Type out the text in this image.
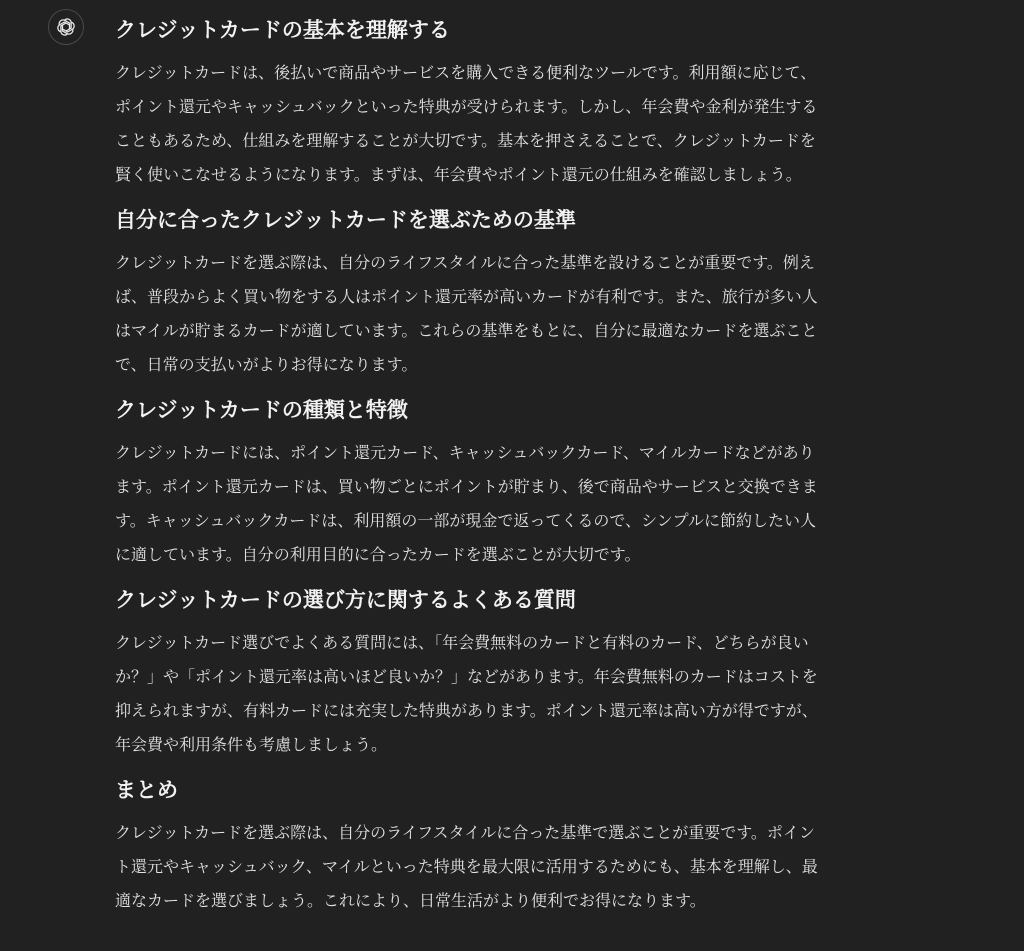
クレジットカードの基本を理解する

クレジットカードは、後払いで商品やサービスを購入できる便利なツールです。利用額に応じて、
ポイント還元やキャッシュバックといった特典が受けられます。しかし、年会費や金利が発生する
こともあるため、仕組みを理解することが大切です。基本を押さえることで、クレジットカードを
賢く使いこなせるようになります。まずは、年会費やポイント還元の仕組みを確認しましょう。

自分に合ったクレジットカードを選ぶための基準

クレジットカードを選ぶ際は、自分のライフスタイルに合った基準を設けることが重要です。例え
ば、普段からよく買い物をする人はポイント還元率が高いカードが有利です。また、旅行が多い人
はマイルが貯まるカードが適しています。これらの基準をもとに、自分に最適なカードを選ぶこと
で、日常の支払いがよりお得になります。

クレジットカードの種類と特徴

クレジットカードには、ポイント還元カード、キャッシュバックカード、マイルカードなどがあり
ます。ポイント還元カードは、買い物ごとにポイントが貯まり、後で商品やサービスと交換できま
す。キャッシュバックカードは、利用額の一部が現金で返ってくるので、シンプルに節約したい人
に適しています。自分の利用目的に合ったカードを選ぶことが大切です。

クレジットカードの選び方に関するよくある質問

クレジットカード選びでよくある質問には、「年会費無料のカードと有料のカード、どちらが良い
か？」や「ポイント還元率は高いほど良いか？」などがあります。年会費無料のカードはコストを
抑えられますが、有料カードには充実した特典があります。ポイント還元率は高い方が得ですが、
年会費や利用条件も考慮しましょう。

まとめ

クレジットカードを選ぶ際は、自分のライフスタイルに合った基準で選ぶことが重要です。ポイン
ト還元やキャッシュバック、マイルといった特典を最大限に活用するためにも、基本を理解し、最
適なカードを選びましょう。これにより、日常生活がより便利でお得になります。
